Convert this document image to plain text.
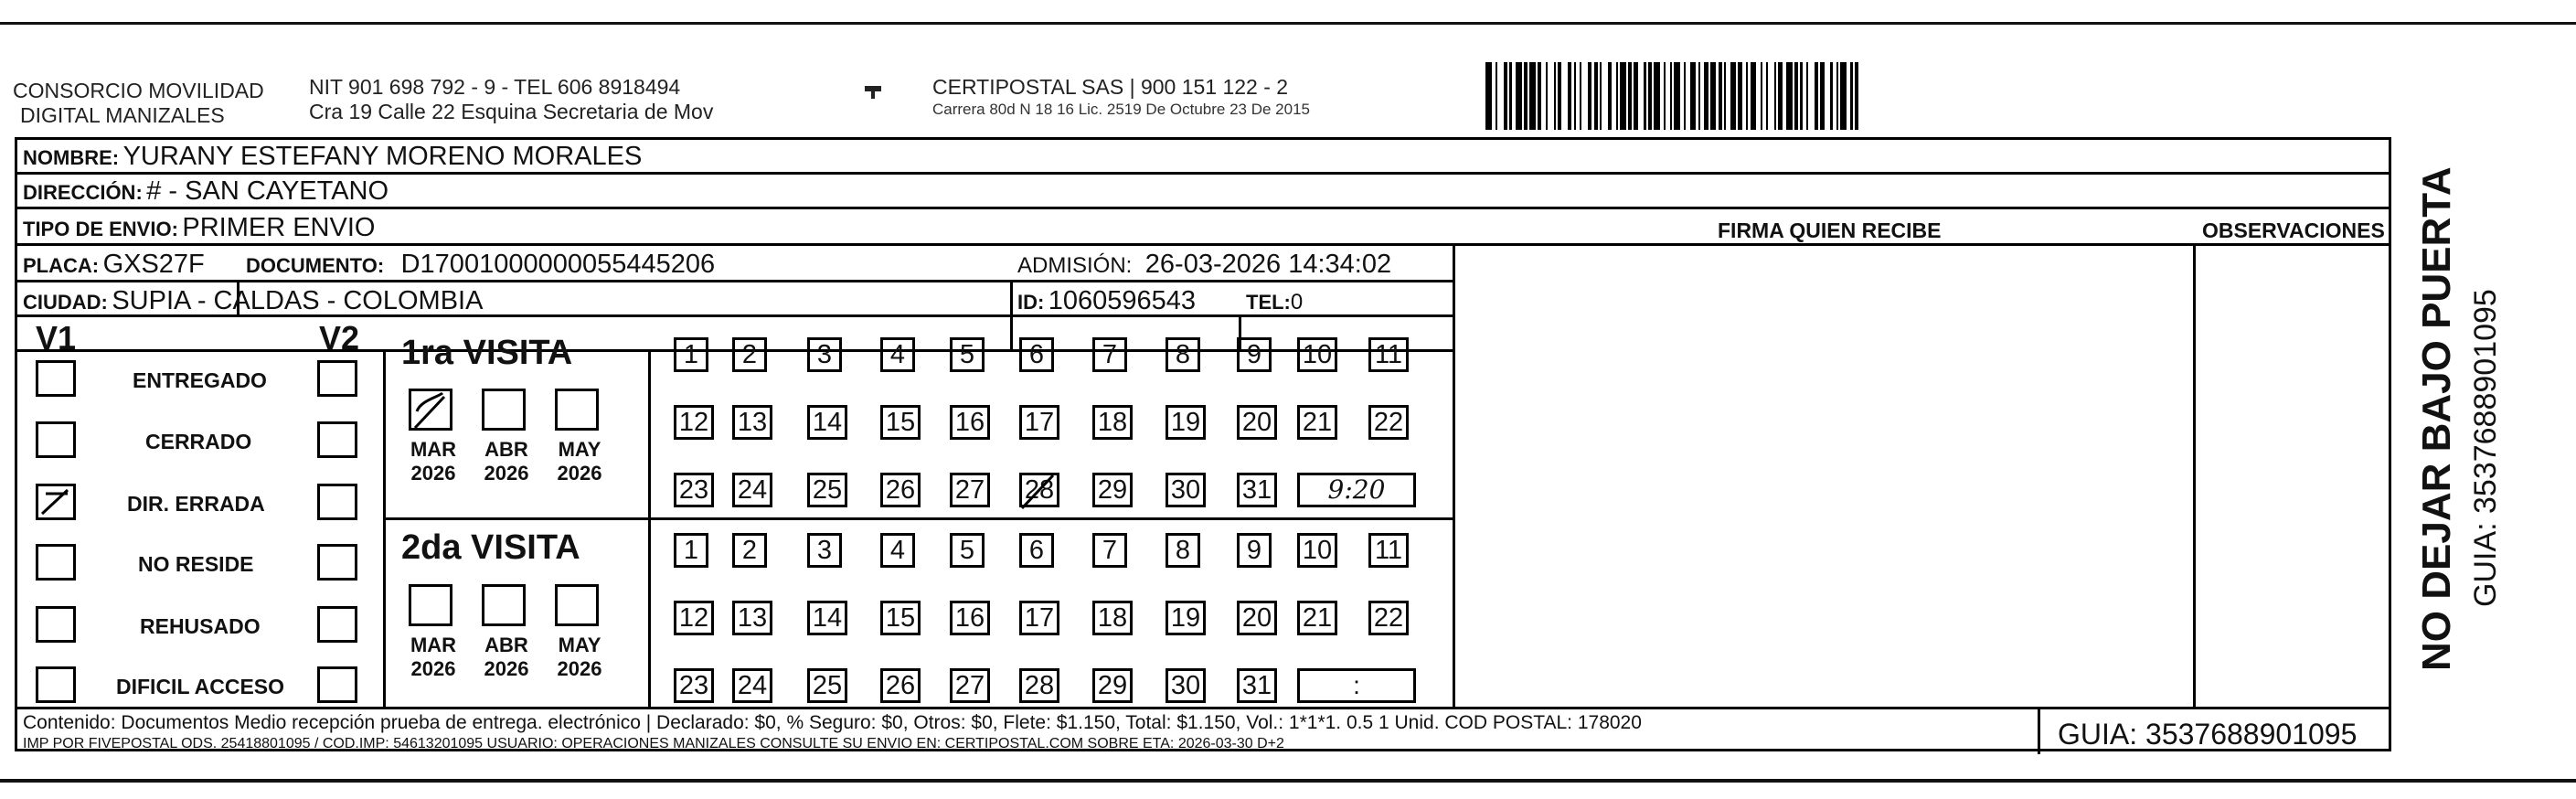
CONSORCIO MOVILIDAD
DIGITAL MANIZALES
NIT 901 698 792 - 9 - TEL 606 8918494
Cra 19 Calle 22 Esquina Secretaria de Mov
CERTIPOSTAL SAS | 900 151 122 - 2
Carrera 80d N 18 16 Lic. 2519 De Octubre 23 De 2015
NOMBRE: YURANY ESTEFANY MORENO MORALES
DIRECCIÓN: # - SAN CAYETANO
TIPO DE ENVIO: PRIMER ENVIO	FIRMA QUIEN RECIBE	OBSERVACIONES
PLACA: GXS27F DOCUMENTO: D17001000000055445206	ADMISIÓN: 26-03-2026 14:34:02
CIUDAD: SUPIA - CALDAS - COLOMBIA	ID: 1060596543 TEL:0
V1	V2
ENTREGADO
CERRADO
DIR. ERRADA
NO RESIDE
REHUSADO
DIFICIL ACCESO
1ra VISITA
2da VISITA
MAR
2026
ABR
2026
MAY
2026
MAR
2026
ABR
2026
MAY
2026
1	2	3	4	5	6	7	8	9	10 11
12 13 14 15 16 17 18 19 20 21 22
23 24 25 26 27 28 29 30 31	9:20
1	2	3	4	5	6	7	8	9	10 11
12 13 14 15 16 17 18 19 20 21 22
23 24 25 26 27 28 29 30 31	:
Contenido: Documentos Medio recepción prueba de entrega. electrónico | Declarado: $0, % Seguro: $0, Otros: $0, Flete: $1.150, Total: $1.150, Vol.: 1*1*1. 0.5 1 Unid. COD POSTAL: 178020
IMP POR FIVEPOSTAL ODS. 25418801095 / COD.IMP: 54613201095 USUARIO: OPERACIONES MANIZALES CONSULTE SU ENVIO EN: CERTIPOSTAL.COM SOBRE ETA: 2026-03-30 D+2	GUIA: 3537688901095
NO DEJAR BAJO PUERTA GUIA: 3537688901095
